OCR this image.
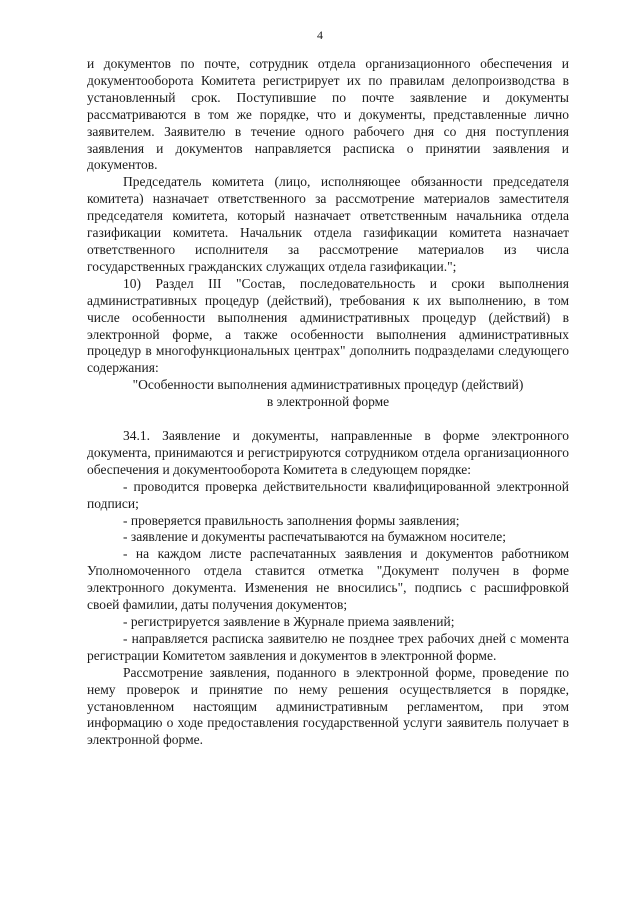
4

и документов по почте, сотрудник отдела организационного обеспечения и документооборота Комитета регистрирует их по правилам делопроизводства в установленный срок. Поступившие по почте заявление и документы рассматриваются в том же порядке, что и документы, представленные лично заявителем. Заявителю в течение одного рабочего дня со дня поступления заявления и документов направляется расписка о принятии заявления и документов.

Председатель комитета (лицо, исполняющее обязанности председателя комитета) назначает ответственного за рассмотрение материалов заместителя председателя комитета, который назначает ответственным начальника отдела газификации комитета. Начальник отдела газификации комитета назначает ответственного исполнителя за рассмотрение материалов из числа государственных гражданских служащих отдела газификации.";

10) Раздел III "Состав, последовательность и сроки выполнения административных процедур (действий), требования к их выполнению, в том числе особенности выполнения административных процедур (действий) в электронной форме, а также особенности выполнения административных процедур в многофункциональных центрах" дополнить подразделами следующего содержания:

"Особенности выполнения административных процедур (действий)

в электронной форме

34.1. Заявление и документы, направленные в форме электронного документа, принимаются и регистрируются сотрудником отдела организационного обеспечения и документооборота Комитета в следующем порядке:

- проводится проверка действительности квалифицированной электронной подписи;

- проверяется правильность заполнения формы заявления;

- заявление и документы распечатываются на бумажном носителе;

- на каждом листе распечатанных заявления и документов работником Уполномоченного отдела ставится отметка "Документ получен в форме электронного документа. Изменения не вносились", подпись с расшифровкой своей фамилии, даты получения документов;

- регистрируется заявление в Журнале приема заявлений;

- направляется расписка заявителю не позднее трех рабочих дней с момента регистрации Комитетом заявления и документов в электронной форме.

Рассмотрение заявления, поданного в электронной форме, проведение по нему проверок и принятие по нему решения осуществляется в порядке, установленном настоящим административным регламентом, при этом информацию о ходе предоставления государственной услуги заявитель получает в электронной форме.
